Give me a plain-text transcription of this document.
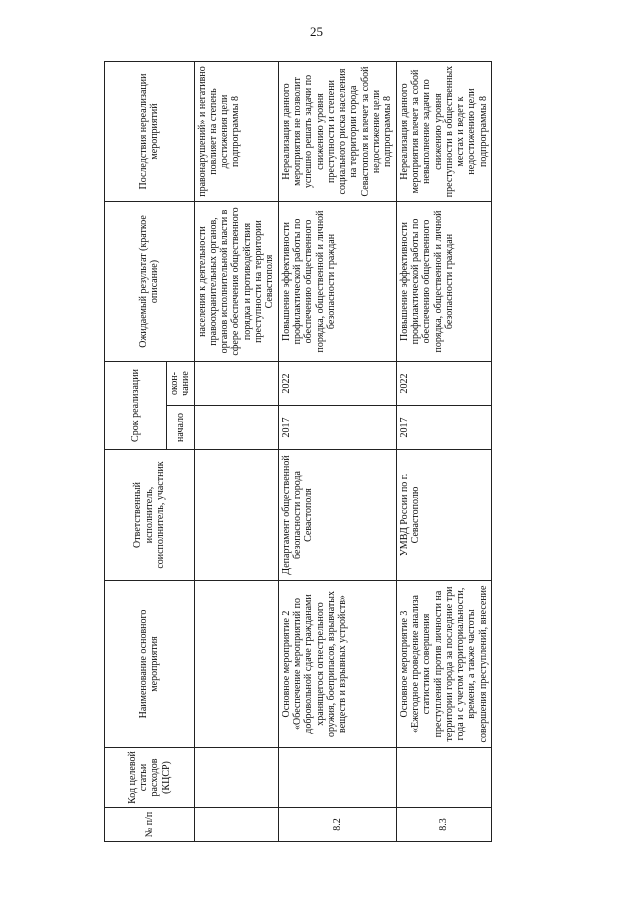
25
№ п/п	Код целевой статьи расходов (КЦСР)	Наименование основного мероприятия	Ответственный исполнитель, соисполнитель, участник	Срок реализации		Ожидаемый результат (краткое описание)	Последствия нереализации мероприятий
				начало	окон-чание		
						населения к деятельности правоохранительных органов, органов исполнительной власти в сфере обеспечения общественного порядка и противодействия преступности на территории Севастополя	правонарушений» и негативно повлияет на степень достижения цели подпрограммы 8
8.2		Основное мероприятие 2 «Обеспечение мероприятий по добровольной сдаче гражданами хранящегося огнестрельного оружия, боеприпасов, взрывчатых веществ и взрывных устройств»	Департамент общественной безопасности города Севастополя	2017	2022	Повышение эффективности профилактической работы по обеспечению общественного порядка, общественной и личной безопасности граждан	Нереализация данного мероприятия не позволит успешно решать задачи по снижению уровня преступности и степени социального риска населения на территории города Севастополя и влечет за собой недостижение цели подпрограммы 8
8.3		Основное мероприятие 3 «Ежегодное проведение анализа статистики совершения преступлений против личности на территории города за последние три года и с учетом территориальности, времени, а также частоты совершения преступлений, внесение	УМВД России по г. Севастополю	2017	2022	Повышение эффективности профилактической работы по обеспечению общественного порядка, общественной и личной безопасности граждан	Нереализация данного мероприятия влечет за собой невыполнение задачи по снижению уровня преступности в общественных местах и ведет к недостижению цели подпрограммы 8
